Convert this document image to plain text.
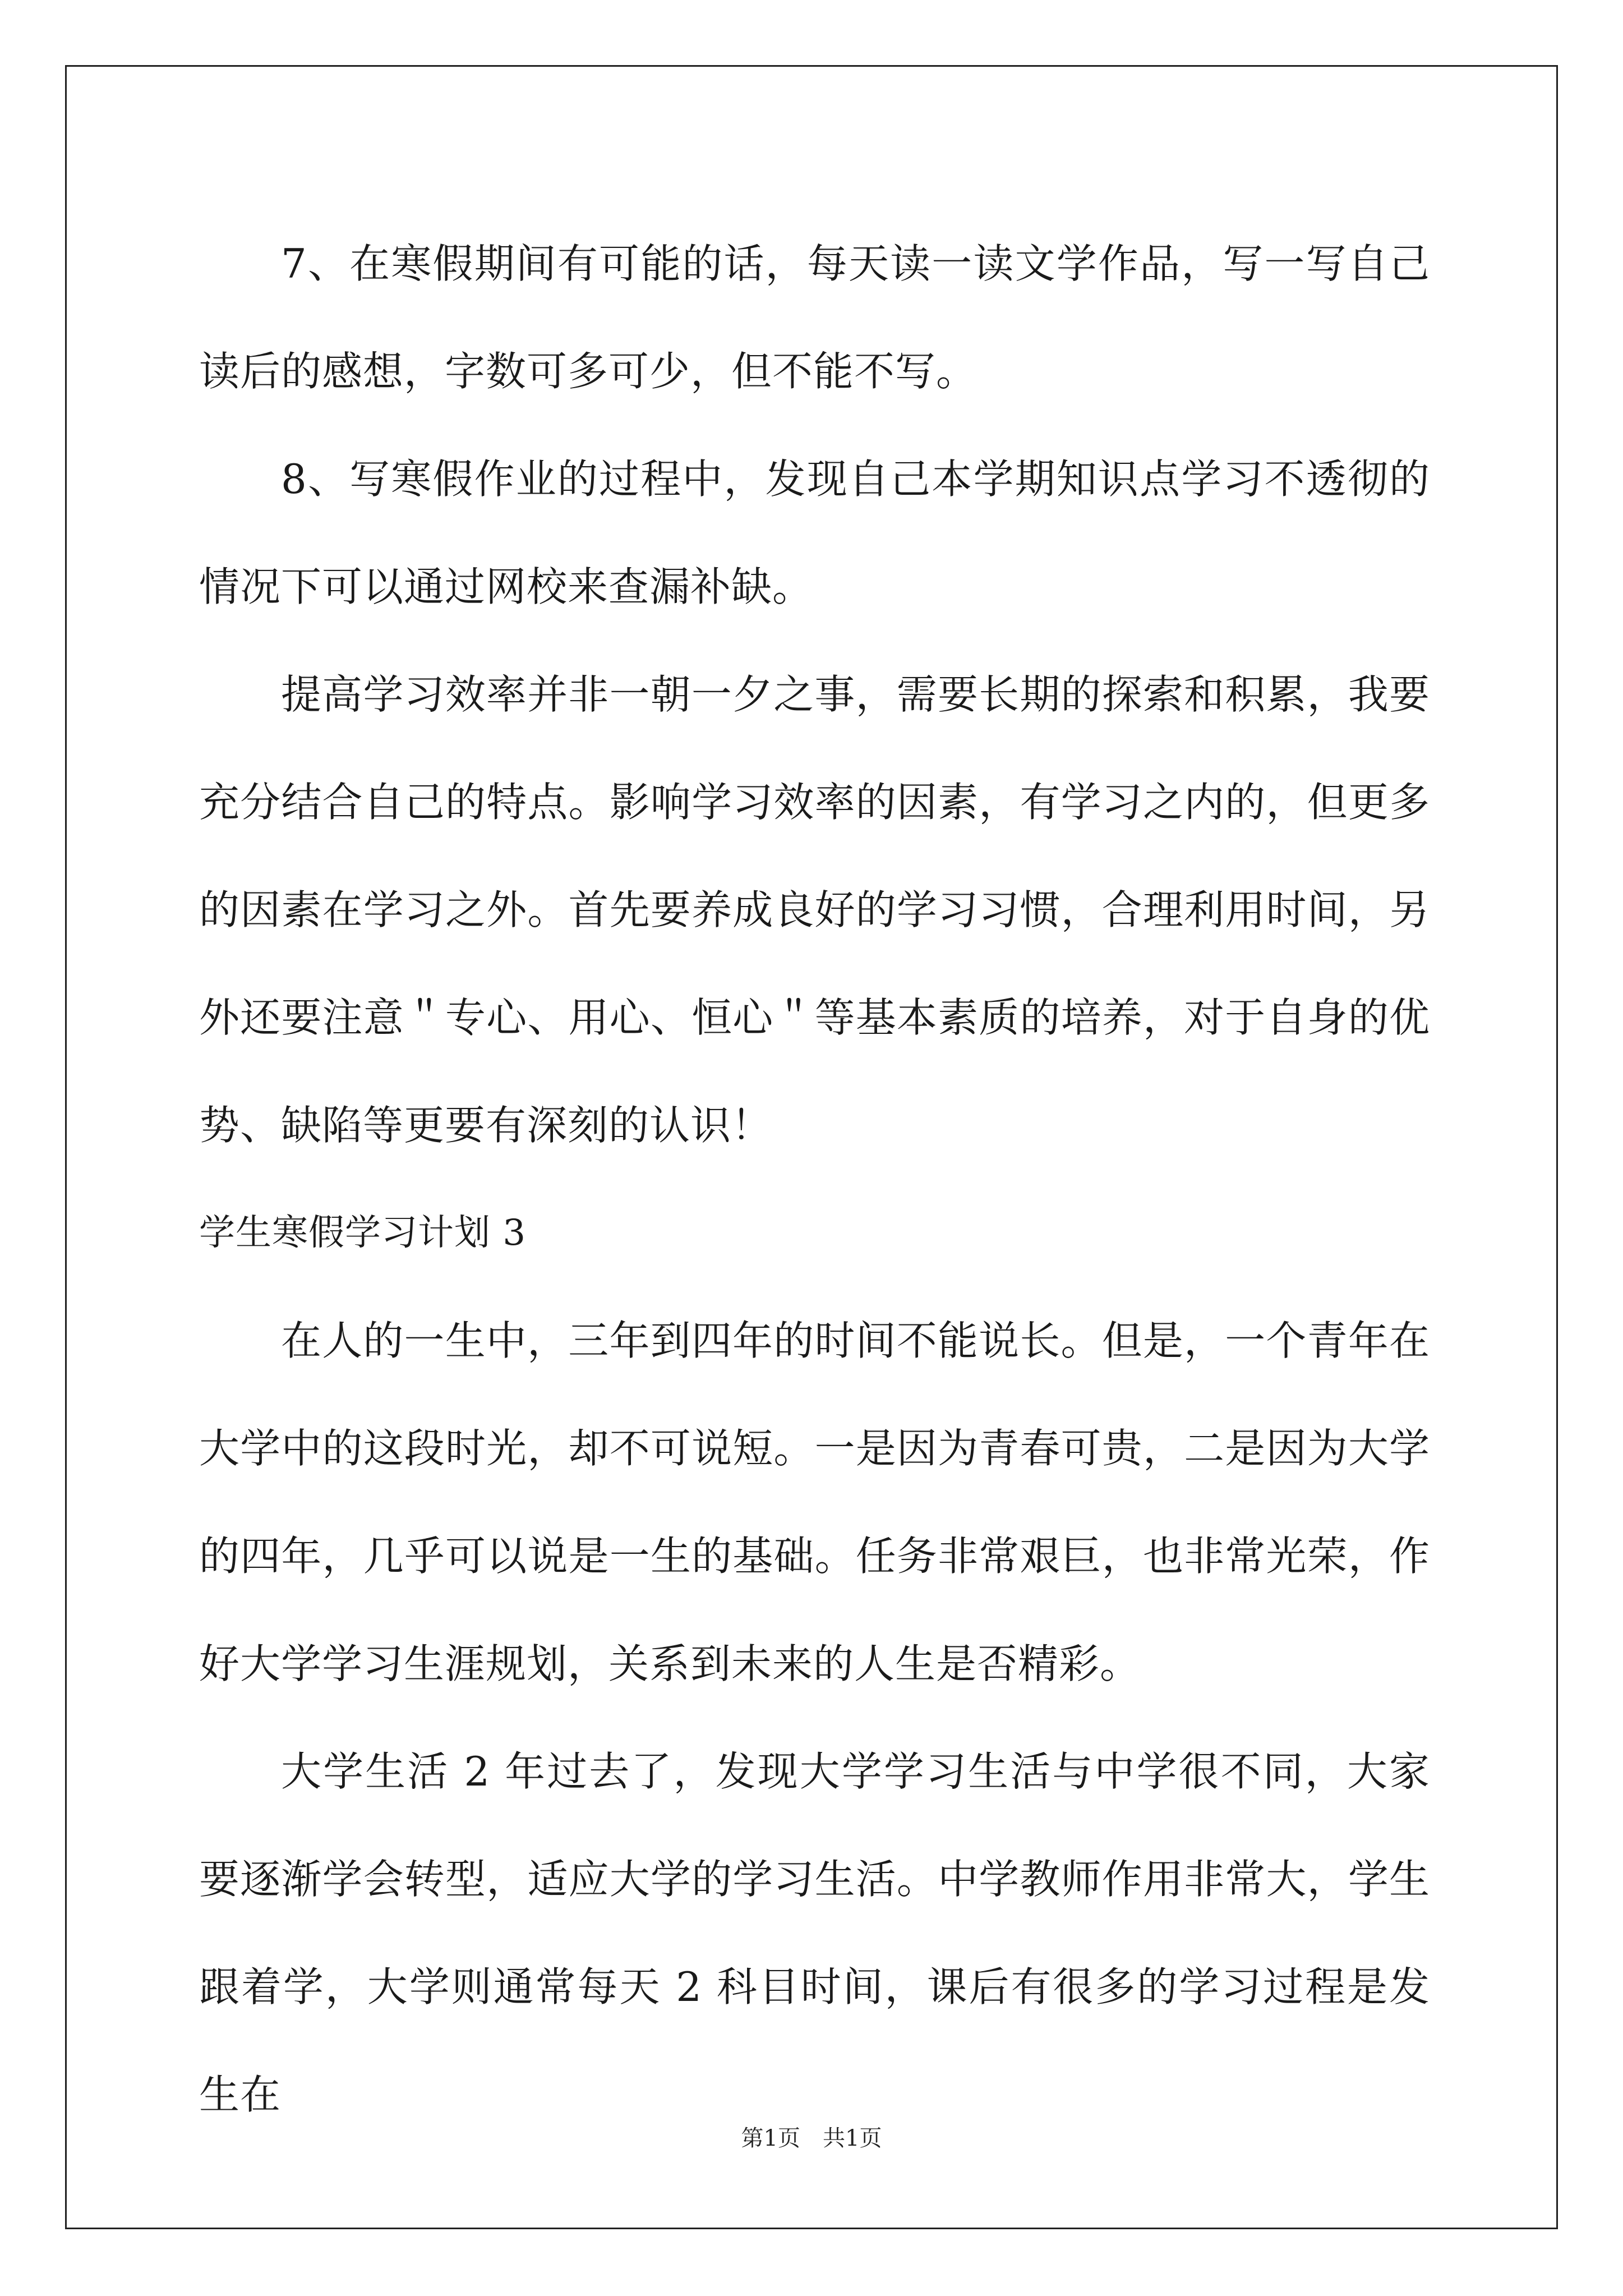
7、在寒假期间有可能的话，每天读一读文学作品，写一写自己读后的感想，字数可多可少，但不能不写。

8、写寒假作业的过程中，发现自己本学期知识点学习不透彻的情况下可以通过网校来查漏补缺。

提高学习效率并非一朝一夕之事，需要长期的探索和积累，我要充分结合自己的特点。影响学习效率的因素，有学习之内的，但更多的因素在学习之外。首先要养成良好的学习习惯，合理利用时间，另外还要注意＂专心、用心、恒心＂等基本素质的培养，对于自身的优势、缺陷等更要有深刻的认识！

学生寒假学习计划 3

在人的一生中，三年到四年的时间不能说长。但是，一个青年在大学中的这段时光，却不可说短。一是因为青春可贵，二是因为大学的四年，几乎可以说是一生的基础。任务非常艰巨，也非常光荣，作好大学学习生涯规划，关系到未来的人生是否精彩。

大学生活 2 年过去了，发现大学学习生活与中学很不同，大家要逐渐学会转型，适应大学的学习生活。中学教师作用非常大，学生跟着学，大学则通常每天 2 科目时间，课后有很多的学习过程是发生在

第1页　共1页
